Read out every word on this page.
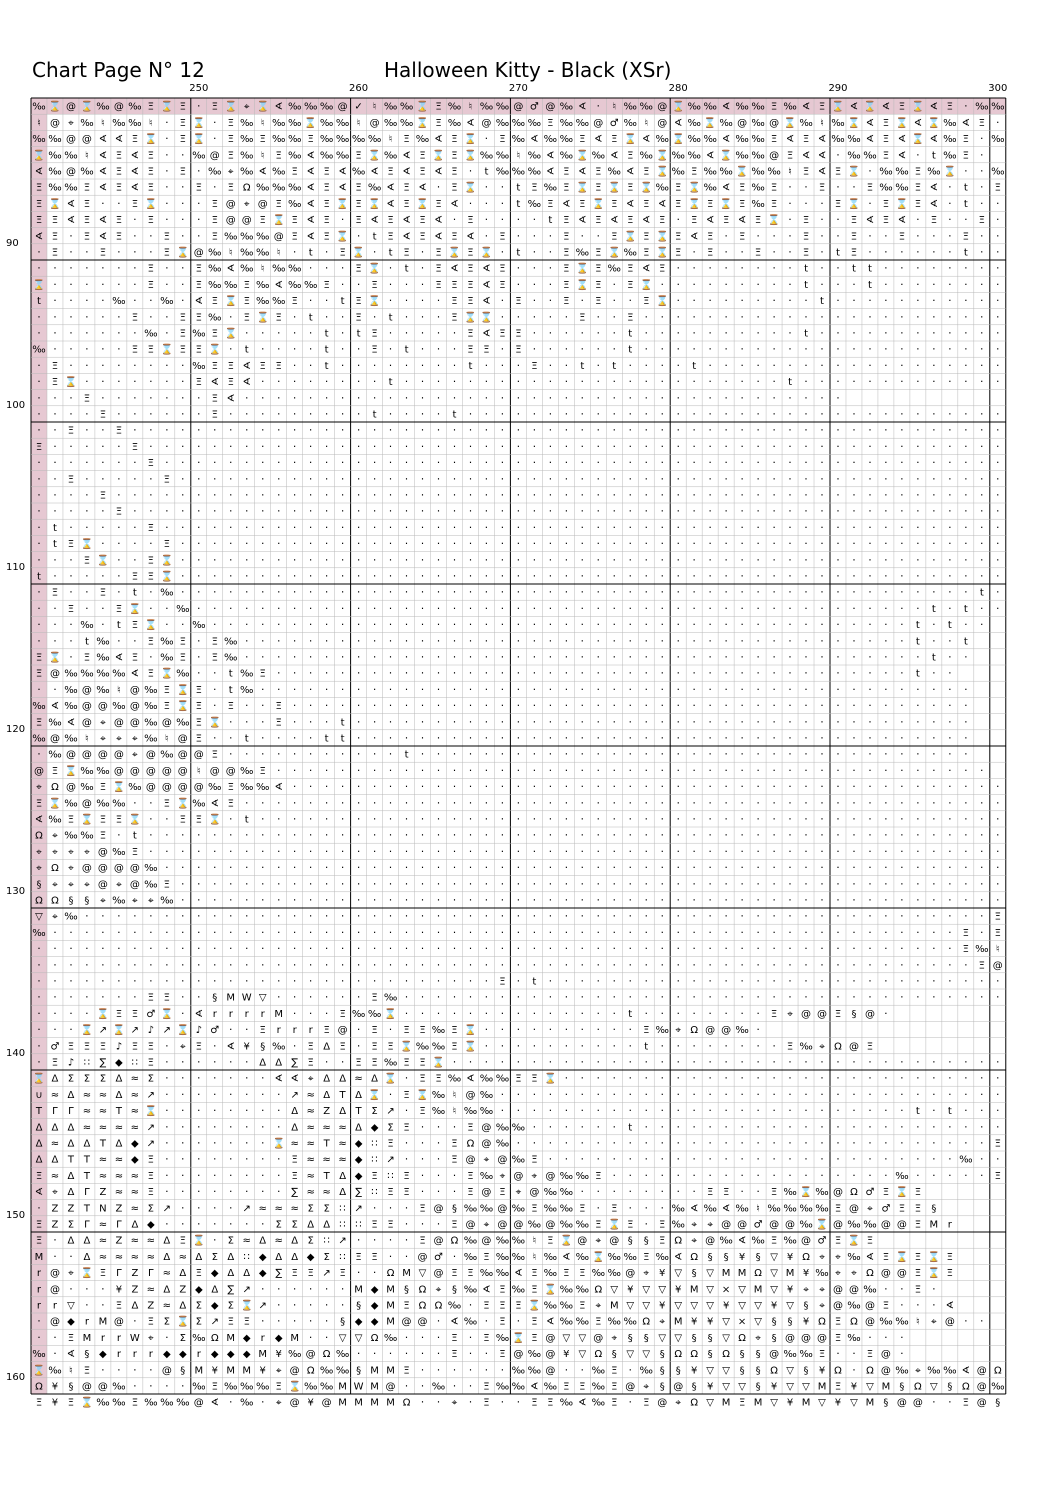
Chart Page N° 12	Halloween Kitty - Black (XSr)
250	260	270	280	290	300
90
100
110
120
130
140
150
160
‰ ⌛ @ ⌛ ‰ @ ‰ Ξ ⌛ Ξ · Ξ ⌛ ⌖ ⌛ ∢ ‰ ‰ ‰ @ ✓ ♮ ‰ ‰ ⌛ Ξ ‰ ♮ ‰ ‰ @ ♂ @ ‰ ∢ · ♮ ‰ ‰ @ ⌛ ‰ ‰ ∢ ‰ ‰ Ξ ‰ ∢ Ξ ⌛ ∢ ⌛ ∢ Ξ ⌛ ∢ Ξ · ‰ ‰
♮ @ ⌖ ‰ ♮ ‰ ‰ ♮ · Ξ ⌛ · Ξ ‰ ♮ ‰ ‰ ⌛ ‰ ‰ ♮ @ ‰ ‰ ⌛ Ξ ‰ ∢ @ ‰ ‰ ‰ Ξ ‰ ‰ @ ♂ ‰ ♮ @ ∢ ‰ ⌛ ‰ @ ‰ @ ⌛ ‰ ♮ ‰ ⌛ ∢ Ξ ⌛ ∢ ⌛ ‰ ∢ Ξ ·
‰ ‰ @ @ ∢ ∢ Ξ ⌛ · Ξ ⌛ · Ξ ‰ Ξ ‰ ‰ Ξ ‰ ‰ ‰ ‰ ♮ Ξ ‰ ∢ Ξ ⌛ · Ξ ‰ ∢ ‰ ‰ Ξ ∢ Ξ ⌛ ∢ ‰ ⌛ ‰ ‰ ∢ ‰ ‰ Ξ ∢ Ξ ∢ ‰ ‰ ∢ Ξ ∢ ⌛ ∢ ‰ Ξ · ‰
⌛ ‰ ‰ ♮ ∢ Ξ ∢ Ξ · · ‰ @ Ξ ‰ ♮ Ξ ‰ ∢ ‰ ‰ Ξ ⌛ ‰ ∢ Ξ ⌛ Ξ ⌛ ‰ ‰ ♮ ‰ ∢ ‰ ⌛ ‰ ∢ Ξ ‰ ⌛ ‰ ‰ ∢ ⌛ ‰ ‰ @ Ξ ∢ ∢ · ‰ ‰ Ξ ∢ · t ‰ Ξ ·
∢ ‰ @ ‰ ∢ Ξ ∢ Ξ · Ξ · ‰ ⌖ ‰ ∢ ‰ Ξ ∢ Ξ ∢ ‰ ∢ Ξ ∢ Ξ ∢ Ξ · t ‰ ‰ ‰ ∢ Ξ ∢ Ξ ‰ ∢ Ξ ⌛ ‰ Ξ ‰ ‰ ⌛ ‰ ‰ ♮ Ξ ∢ Ξ ⌛ · ‰ ‰ Ξ ‰ ⌛ · · ‰
Ξ ‰ ‰ Ξ ∢ Ξ ∢ Ξ · · Ξ · Ξ Ω ‰ ‰ ‰ ∢ Ξ ∢ Ξ ‰ ∢ Ξ ∢ · Ξ ⌛ · · t Ξ ‰ Ξ ⌛ Ξ ⌛ Ξ ⌛ ‰ Ξ ⌛ ‰ ∢ Ξ ‰ Ξ · · Ξ · · Ξ ‰ ‰ Ξ ∢ · t · Ξ
Ξ ⌛ ∢ Ξ · · Ξ ⌛ · · · Ξ @ ⌖ @ Ξ ‰ ∢ Ξ ⌛ Ξ ⌛ ∢ Ξ ⌛ Ξ ∢ · · · t ‰ Ξ ∢ Ξ ⌛ Ξ ∢ Ξ ∢ Ξ ⌛ Ξ ⌛ Ξ ‰ Ξ · · · Ξ ⌛ · Ξ ⌛ Ξ ∢ · t · ·
Ξ Ξ ∢ Ξ ∢ Ξ · Ξ · · · Ξ @ @ Ξ ⌛ Ξ ∢ Ξ · Ξ ∢ Ξ ∢ Ξ ∢ · Ξ · · · · t Ξ ∢ Ξ ∢ Ξ ∢ Ξ · Ξ ∢ Ξ ∢ Ξ ⌛ · Ξ · · Ξ ∢ Ξ ∢ · Ξ · · Ξ ·
∢ Ξ · Ξ ∢ Ξ · · Ξ · · Ξ ‰ ‰ ‰ @ Ξ ∢ Ξ ⌛ · t Ξ ∢ Ξ ∢ Ξ ∢ · Ξ · · · Ξ · · Ξ ⌛ Ξ ⌛ Ξ ∢ Ξ · Ξ · · · Ξ · · Ξ · · Ξ · · · Ξ · ·
· Ξ · · Ξ · · · Ξ ⌛ @ ‰ ♮ ‰ ‰ ♮ · t · Ξ ⌛ · t Ξ · Ξ ⌛ Ξ ⌛ · t · · Ξ ‰ Ξ ⌛ ‰ Ξ ⌛ Ξ · Ξ · · Ξ · · Ξ · t Ξ · · · · · · t · ·
· · · · · · · Ξ · · Ξ ‰ ∢ ‰ ♮ ‰ ‰ · · · Ξ ⌛ · t · Ξ ∢ Ξ ∢ Ξ · · · Ξ ⌛ Ξ ‰ Ξ ∢ Ξ · · · · · · · · t · · t t · · · · · · · ·
⌛ · · · · · · Ξ · · Ξ ‰ ‰ Ξ ‰ ∢ ‰ ‰ Ξ · · Ξ · · · Ξ Ξ Ξ ∢ Ξ · · · Ξ ⌛ Ξ · Ξ ⌛ · · · · · · · · · t · · · t · · · · · · · ·
t · · · · ‰ · · ‰ · ∢ Ξ ⌛ Ξ ‰ ‰ Ξ · · t Ξ ⌛ · · · · Ξ Ξ ∢ · Ξ · · Ξ · Ξ · · Ξ ⌛ · · · · · · · · · t · · · · · · · · · · ·
· · · · · · Ξ · · Ξ Ξ ‰ · Ξ ⌛ Ξ · t · · Ξ · t · · · Ξ ⌛ ⌛ · · · · · Ξ · · Ξ · · · · · · · · · · · · · · · · · · · · · · ·
· · · · · · · ‰ · Ξ ‰ Ξ ⌛ · · · · · t · t Ξ · · · · · Ξ ∢ Ξ Ξ · · · · · · t · · · · · · · · · · t · · · · · · · · · · · ·
‰ · · · · · Ξ Ξ ⌛ Ξ Ξ ⌛ · t · · · · t · · Ξ · t · · · Ξ Ξ · Ξ · · · · · · t · · · · · · · · · · · · · · · · · · · · · · ·
· Ξ · · · · · · · · ‰ Ξ Ξ ∢ Ξ Ξ · · t · · · · · · · · t · · · Ξ · · t · t · · · · t · · · · · · · · · · · · · · · · · · ·
· Ξ ⌛ · · · · · · · Ξ ∢ Ξ ∢ · · · · · · · · t · · · · · · · · · · · · · · · · · · · · · · · · t · · · · · · · · · · · · ·
· · · Ξ · · · · · · · Ξ ∢ · · · · · · · · · · · · · · · · · · · · · · · · · · · · · · · · · · · · · ·
· · · · Ξ · · · · · · Ξ · · · · · · · · · t · · · · t · · · · · · · · · · · · · · · · · · · · · · · · · · · · · · · · · ·
· · Ξ · · Ξ · · · · · · · · · · · · · · · · · · · · · · · · · · · · · · · · · · · · · · · · · · · · · · · · · · · · · · ·
Ξ · · · · · Ξ · · · · · · · · · · · · · · · · · · · · · · · · · · · · · · · · · · · · · · · · · · · · · · · · · · · · · ·
· · · · · · · Ξ · · · · · · · · · · · · · · · · · · · · · · · · · · · · · · · · · · · · · · · · · · · · · · · · · · · · ·
· · Ξ · · · · · Ξ · · · · · · · · · · · · · · · · · · · · · · · · · · · · · · · · · · · · · · · · · · · · · · · · · · · ·
· · · · Ξ · · · · · · · · · · · · · · · · · · · · · · · · · · · · · · · · · · · · · · · · · · · · · · · · · · · · · · · ·
· · · · · Ξ · · · · · · · · · · · · · · · · · · · · · · · · · · · · · · · · · · · · · · · · · · · · · · · · · · · · · · ·
· t · · · · · Ξ · · · · · · · · · · · · · · · · · · · · · · · · · · · · · · · · · · · · · · · · · · · · · · · · · · · · ·
· t Ξ ⌛ · · · · Ξ · · · · · · · · · · · · · · · · · · · · · · · · · · · · · · · · · · · · · · · · · · · · · · · · · · · ·
· · · Ξ ⌛ · · Ξ ⌛ · · · · · · · · · · · · · · · · · · · · · · · · · · · · · · · · · · · · · · · · · · · · · · · · · · · ·
t · · · · · Ξ Ξ ⌛ · · · · · · · · · · · · · · · · · · · · · · · · · · · · · · · · · · · · · · · · · · · · · · · · · · · ·
· Ξ · · Ξ · t · ‰ · · · · · · · · · · · · · · · · · · · · · · · · · · · · · · · · · · · · · · · · · · · · · · · · · · t ·
· · Ξ · · Ξ ⌛ · · ‰ · · · · · · · · · · · · · · · · · · · · · · · · · · · · · · · · · · · · · · · · · · · · · · t · t · ·
· · · ‰ · t Ξ ⌛ · · ‰ · · · · · · · · · · · · · · · · · · · · · · · · · · · · · · · · · · · · · · · · · · · · t · t · ·
· · · t ‰ · · Ξ ‰ Ξ · Ξ ‰ · · · · · · · · · · · · · · · · · · · · · · · · · · · · · · · · · · · · · · · · · · t · · t
Ξ ⌛ · Ξ ‰ ∢ Ξ · ‰ Ξ · Ξ ‰ · · · · · · · · · · · · · · · · · · · · · · · · · · · · · · · · · · · · · · · · · · · t · ·
Ξ @ ‰ ‰ ‰ ‰ ∢ Ξ ⌛ ‰ · · t ‰ Ξ · · · · · · · · · · · · · · · · · · · · · · · · · · · · · · · · · · · · · · · · t · ·
· · ‰ @ ‰ ♮ @ ‰ Ξ ⌛ Ξ · t ‰ · · · · · · · · · · · · · · · · · · · · · · · · · · · · · · · · · · · · · · · · · · · · ·
‰ ∢ ‰ @ @ ‰ @ ‰ Ξ ⌛ Ξ · Ξ · · Ξ · · · · · · · · · · · · · · · · · · · · · · · · · · · · · · · · · · · · · · · · · · ·
Ξ ‰ ∢ @ ⌖ @ @ ‰ @ ‰ Ξ ⌛ · · · Ξ · · · t · · · · · · · · · · · · · · · · · · · · · · · · · · · · · · · · · · · · · · ·
‰ @ ‰ ♮ ⌖ ⌖ ⌖ ‰ ♮ @ Ξ · · t · · · · t t · · · · · · · · · · · · · · · · · · · · · · · · · · · · · · · · · · · · · · ·
· ‰ @ @ @ @ ⌖ @ ‰ @ @ Ξ · · · · · · · · · · · t · · · · · · · · · · · · · · · · · · · · · · · · · · · · · · · · · · ·
@ Ξ ⌛ ‰ ‰ @ @ @ @ @ ♮ @ @ ‰ Ξ · · · · · · · · · · · · · · · · · · · · · · · · · · · · · · · · · · · · · · · · · · · · ·
⌖ Ω @ ‰ Ξ ⌛ ‰ @ @ @ @ ‰ Ξ ‰ ‰ ∢ · · · · · · · · · · · · · · · · · · · · · · · · · · · · · · · · · · · · · · · · · · · · ·
Ξ ⌛ ‰ @ ‰ ‰ · · Ξ ⌛ ‰ ∢ Ξ · · · · · · · · · · · · · · · · · · · · · · · · · · · · · · · · · · · · · · · · · · · · · · · ·
∢ ‰ Ξ ⌛ Ξ Ξ ⌛ · · Ξ Ξ ⌛ · t · · · · · · · · · · · · · · · · · · · · · · · · · · · · · · · · · · · · · · · · · · · · · · ·
Ω ⌖ ‰ ‰ Ξ · t · · · · · · · · · · · · · · · · · · · · · · · · · · · · · · · · · · · · · · · · · · · · · · · · · · · · · ·
⌖ ⌖ ⌖ ⌖ @ ‰ Ξ · · · · · · · · · · · · · · · · · · · · · · · · · · · · · · · · · · · · · · · · · · · · · · · · · · · · · ·
⌖ Ω ⌖ @ @ @ @ ‰ · · · · · · · · · · · · · · · · · · · · · · · · · · · · · · · · · · · · · · · · · · · · · · · · · · · · ·
§ ⌖ ⌖ ⌖ @ ⌖ @ ‰ Ξ · · · · · · · · · · · · · · · · · · · · · · · · · · · · · · · · · · · · · · · · · · · · · · · · · · · ·
Ω Ω § § ⌖ ‰ ⌖ ⌖ ‰ · · · · · · · · · · · · · · · · · · · · · · · · · · · · · · · · · · · · · · · · · · · · · · · · · · · ·
▽ ⌖ ‰ · · · · · · · · · · · · · · · · · · · · · · · · · · · · · · · · · · · · · · · · · · · · · · · · · · · · · · · · · Ξ
‰ · · · · · · · · · · · · · · · · · · · · · · · · · · · · · · · · · · · · · · · · · · · · · · · · · · · · · · · · · Ξ · Ξ
· · · · · · · · · · · · · · · · · · · · · · · · · · · · · · · · · · · · · · · · · · · · · · · · · · · · · · · · · · Ξ ‰ ♮
· · · · · · · · · · · · · · · · · · · · · · · · · · · · · · · · · · · · · · · · · · · · · · · · · · · · · · · · · · · Ξ @
· · · · · · · · · · · · · · · · · · · · · · · · · · · · · Ξ · t · · · · · · · · · · · · · · · · · · · · · · · · · · · · ·
· · · · · · · Ξ Ξ · · § M W ▽ · · · · · · Ξ ‰ · · · · · · · · · · · · · · · · · · · · · · · · · · · · · · · · · · · · · ·
· · · · ⌛ Ξ Ξ ♂ ⌛ · ∢ r r r r M · · · Ξ ‰ ‰ ⌛ · · · · · · · · · · · · · · t · · · · · · · · Ξ ⌖ @ @ Ξ § @ ·
· · · ⌛ ↗ ⌛ ↗ ♪ ↗ ⌛ ♪ ♂ · · Ξ r r r Ξ @ · Ξ · Ξ Ξ ‰ Ξ ⌛ · · · · · · · · · · Ξ ‰ ⌖ Ω @ @ ‰ ·
· ♂ Ξ Ξ Ξ ♪ Ξ Ξ · ⌖ Ξ · ∢ ¥ § ‰ · Ξ Δ Ξ · Ξ Ξ ⌛ ‰ ‰ Ξ ⌛ · · · · · · · · · · t · · · · · · · · Ξ ‰ ⌖ Ω @ Ξ
· Ξ ♪ ∷ ∑ ◆ ∷ Ξ · · · · · · Δ Δ ∑ Ξ · · Ξ Ξ ‰ Ξ Ξ ⌛ · · · · · · · · · · · · · · · · · · · · · · · · · · · · · · · · · · ·
⌛ Δ Σ Σ Σ Δ ≈ Σ · · · · · · · ∢ ∢ ⌖ Δ Δ ≈ Δ ⌛ · Ξ Ξ ‰ ∢ ‰ ‰ Ξ Ξ ⌛ · · · · · · · · · · · · · · · · · · · · · · · · · · · ·
∪ ≈ Δ ≈ ≈ Δ ≈ ↗ · · · · · · · · ↗ ≈ Δ T Δ ⌛ · Ξ ⌛ ‰ ♮ @ ‰ · · · · · · · · · · · · · · · · · · · · · · · · · · · · · · · ·
T Γ Γ ≈ ≈ T ≈ ⌛ · · · · · · · · Δ ≈ Z Δ T Σ ↗ · Ξ ‰ ♮ ‰ ‰ · · · · · · · · · · · · · · · · · · · · · · · · · · t · t · · ·
Δ Δ Δ ≈ ≈ ≈ ≈ ↗ · · · · · · · · Δ ≈ ≈ ≈ Δ ◆ Σ Ξ · · · Ξ @ ‰ ‰ · · · · · · t · · · · · · · · · · · · · · · · · · · · · · ·
Δ ≈ Δ Δ T Δ ◆ ↗ · · · · · · · ⌛ ≈ ≈ T ≈ ◆ ∷ Ξ · · · Ξ Ω @ ‰ · · · · · · · · · · · · · · · · · · · · · · · · · · · · · · Ξ
Δ Δ T T ≈ ≈ ◆ Ξ · · · · · · · · Ξ ≈ ≈ ≈ ◆ ∷ ↗ · · · Ξ @ ⌖ @ ‰ Ξ · · · · · · · · · · · · · · · · · · · · · · · · · · ‰ · ·
Ξ ≈ Δ T ≈ ≈ ≈ Ξ · · · · · · · · Ξ ≈ T Δ ◆ Ξ ∷ Ξ · · · Ξ ‰ ⌖ @ ⌖ @ ‰ ‰ Ξ · · · · · · · · · · · · · · · · · · ‰ · · · · · Ξ
∢ ⌖ Δ Γ Z ≈ ≈ Ξ · · · · · · · · ∑ ≈ ≈ Δ ∑ ∷ Ξ Ξ · · · Ξ @ Ξ ⌖ @ ‰ ‰ · · · · · · · · Ξ Ξ · · Ξ ‰ ⌛ ‰ @ Ω ♂ Ξ ⌛ Ξ
· Z Z T N Z ≈ Σ ↗ · · · · ↗ ≈ ≈ ≈ Σ Σ ∷ ↗ · · · Ξ @ § ‰ ‰ @ ‰ Ξ ‰ ‰ Ξ · Ξ · · · ‰ ∢ ‰ ∢ ‰ ♮ ‰ ‰ ‰ ‰ Ξ @ ⌖ ♂ Ξ Ξ §
Ξ Z Σ Γ ≈ Γ Δ ◆ · · · · · · · Σ Σ Δ Δ ∷ ∷ Ξ Ξ · · · Ξ @ ⌖ @ @ ‰ @ ‰ ‰ Ξ ⌛ Ξ · Ξ ‰ ⌖ ⌖ @ @ ♂ @ @ ‰ ⌛ @ ‰ ‰ @ @ Ξ M r
Ξ · Δ Δ ≈ Z ≈ ≈ Δ Ξ ⌛ · Σ ≈ Δ ≈ Δ Σ ∷ ↗ · · · · Ξ @ Ω ‰ @ ‰ ‰ ♮ Ξ ⌛ @ ⌖ @ § § Ξ Ω ⌖ @ ‰ ∢ ‰ Ξ ‰ @ ♂ Ξ ⌛ Ξ
M · · Δ ≈ ≈ ≈ ≈ Δ ≈ Δ Σ Δ ∷ ◆ Δ Δ ◆ Σ ∷ Ξ Ξ · · @ ♂ · ‰ Ξ ‰ ‰ ♮ ‰ ∢ ‰ ⌛ ‰ ‰ Ξ ‰ ∢ Ω § § ¥ § ▽ ¥ Ω ⌖ ⌖ ‰ ∢ Ξ ⌛ Ξ ⌛ Ξ
r @ ⌖ ⌛ Ξ Γ Ζ Γ ≈ Δ Ξ ◆ Δ Δ ◆ ∑ Ξ Ξ ↗ Ξ · · Ω M ▽ @ Ξ Ξ ‰ ‰ ∢ Ξ ‰ Ξ Ξ ‰ ‰ @ ⌖ ¥ ▽ § ▽ M M Ω ▽ M ¥ ‰ ⌖ ⌖ Ω @ @ Ξ ⌛ Ξ
r @ · · · ¥ Z ≈ Δ Z ◆ Δ ∑ ↗ · · · · · · M ◆ M § Ω ⌖ § ‰ ∢ Ξ ‰ Ξ ⌛ ‰ ‰ Ω ▽ ¥ ▽ ▽ ¥ M ▽ × ▽ M ▽ ¥ ⌖ ⌖ @ @ ‰ · · Ξ ·
r r ▽ · · Ξ Δ Z ≈ Δ Σ ◆ Σ ⌛ ↗ · · · · · § ◆ M Ξ Ω Ω ‰ · Ξ Ξ Ξ ⌛ ‰ ‰ Ξ ⌖ M ▽ ▽ ¥ ▽ ▽ ▽ ¥ ▽ ▽ ¥ ▽ § ⌖ @ ‰ @ Ξ · · · ∢
· @ ◆ r M @ · Ξ Σ ⌛ Σ ↗ Ξ Ξ · · · · · § ◆ ◆ M @ @ · ∢ ‰ · Ξ · Ξ ∢ ‰ ‰ Ξ ‰ ‰ Ω ⌖ M ¥ ¥ ▽ × ▽ § § ¥ Ω Ξ Ω @ ‰ ‰ ♮ ⌖ @ · ·
· · Ξ M r r W ⌖ · Σ ‰ Ω M ◆ r ◆ M · · ▽ ▽ Ω ‰ · · · Ξ · Ξ ‰ ⌛ Ξ @ ▽ ▽ @ ⌖ § § ▽ ▽ § § ▽ Ω ⌖ § @ @ @ Ξ ‰ · · ·
‰ · ∢ § ◆ r r r ◆ ◆ r ◆ ◆ ◆ M ¥ ‰ @ Ω ‰ · · · · · · Ξ · · Ξ @ ‰ @ ¥ ▽ Ω § ▽ ▽ § Ω Ω § Ω § § @ ‰ ‰ Ξ · · Ξ @ ·
⌛ ‰ ♮ Ξ · · · · @ § M ¥ M M ¥ ⌖ @ Ω ‰ ‰ § M M Ξ · · · · · · ‰ ‰ @ · · ‰ Ξ · ‰ § § ¥ ▽ ▽ § § Ω ▽ § ¥ Ω · Ω @ ‰ ⌖ ‰ ‰ ∢ @ Ω
Ω ¥ § @ @ ‰ · · · · ‰ Ξ ‰ ‰ ‰ Ξ ⌛ ‰ ‰ M W M @ · · ‰ · · Ξ ‰ ‰ ∢ ‰ Ξ Ξ ‰ Ξ @ ⌖ § @ § ¥ ▽ ▽ § ¥ ▽ ▽ M Ξ ¥ ▽ M § Ω ▽ § Ω @ ‰
Ξ ¥ Ξ ⌛ ‰ ‰ Ξ ‰ ‰ ‰ @ ∢ · ‰ · ⌖ @ ¥ @ M M M M Ω · · ⌖ · Ξ · · Ξ Ξ ‰ ∢ ‰ Ξ · Ξ @ ⌖ Ω ▽ M Ξ M ▽ ¥ M ▽ ¥ ▽ M § @ @ · · Ξ @ §
